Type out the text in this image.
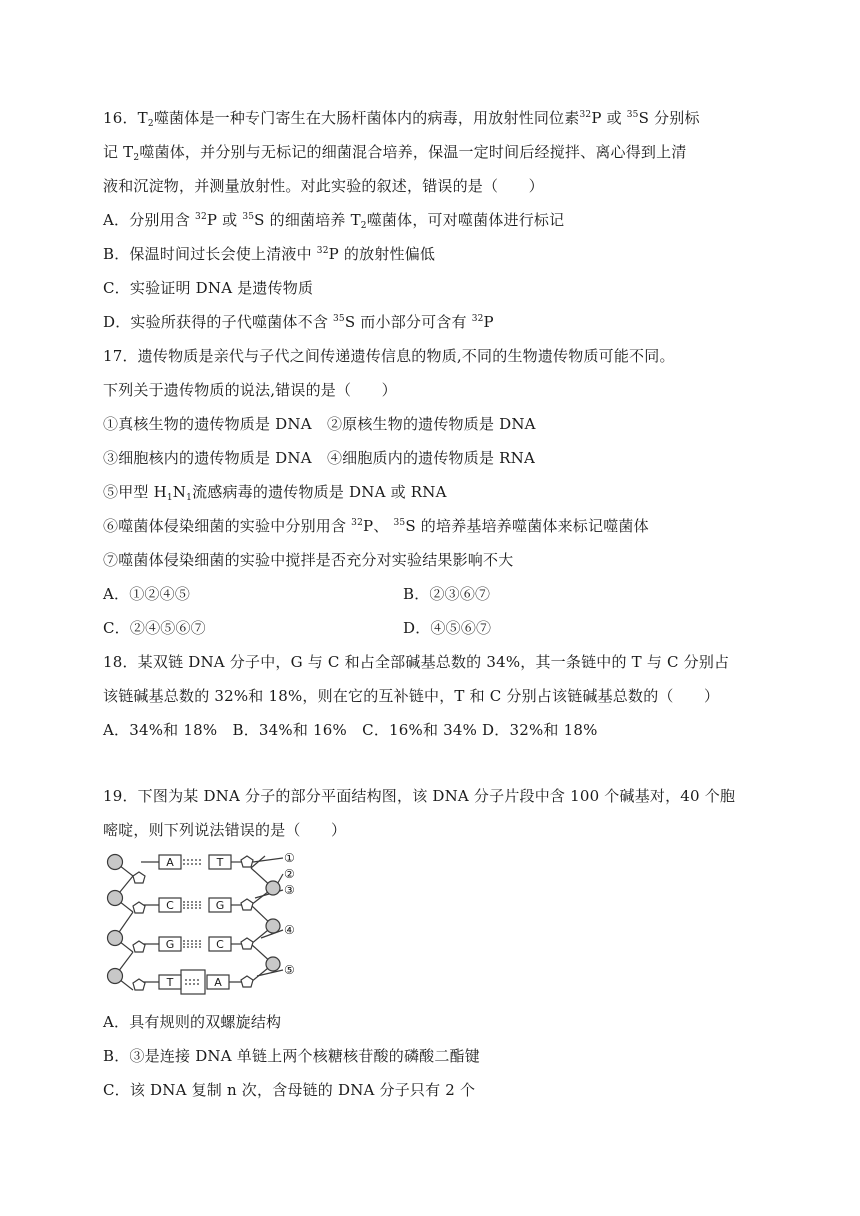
16．$T_2$噬菌体是一种专门寄生在大肠杆菌体内的病毒，用放射性同位素$^{32}$P 或 $^{35}$S 分别标
记 $T_2$噬菌体，并分别与无标记的细菌混合培养，保温一定时间后经搅拌、离心得到上清
液和沉淀物，并测量放射性。对此实验的叙述，错误的是（　　）
A．分别用含 $^{32}$P 或 $^{35}$S 的细菌培养 $T_2$噬菌体，可对噬菌体进行标记
B．保温时间过长会使上清液中 $^{32}$P 的放射性偏低
C．实验证明 DNA 是遗传物质
D．实验所获得的子代噬菌体不含 $^{35}$S 而小部分可含有 $^{32}$P
17．遗传物质是亲代与子代之间传递遗传信息的物质,不同的生物遗传物质可能不同。
下列关于遗传物质的说法,错误的是（　　）
①真核生物的遗传物质是 DNA　②原核生物的遗传物质是 DNA
③细胞核内的遗传物质是 DNA　④细胞质内的遗传物质是 RNA
⑤甲型 $H_1N_1$流感病毒的遗传物质是 DNA 或 RNA
⑥噬菌体侵染细菌的实验中分别用含 $^{32}$P、 $^{35}$S 的培养基培养噬菌体来标记噬菌体
⑦噬菌体侵染细菌的实验中搅拌是否充分对实验结果影响不大
A．①②④⑤	B．②③⑥⑦
C．②④⑤⑥⑦	D．④⑤⑥⑦
18．某双链 DNA 分子中，G 与 C 和占全部碱基总数的 34%，其一条链中的 T 与 C 分别占
该链碱基总数的 32%和 18%，则在它的互补链中，T 和 C 分别占该链碱基总数的（　　）
A．34%和 18%　B．34%和 16%　C．16%和 34% D．32%和 18%
19．下图为某 DNA 分子的部分平面结构图，该 DNA 分子片段中含 100 个碱基对，40 个胞
嘧啶，则下列说法错误的是（　　）
A	T
C	G
G	C
T	A
①
②
③
④
⑤
A．具有规则的双螺旋结构
B．③是连接 DNA 单链上两个核糖核苷酸的磷酸二酯键
C．该 DNA 复制 n 次，含母链的 DNA 分子只有 2 个
